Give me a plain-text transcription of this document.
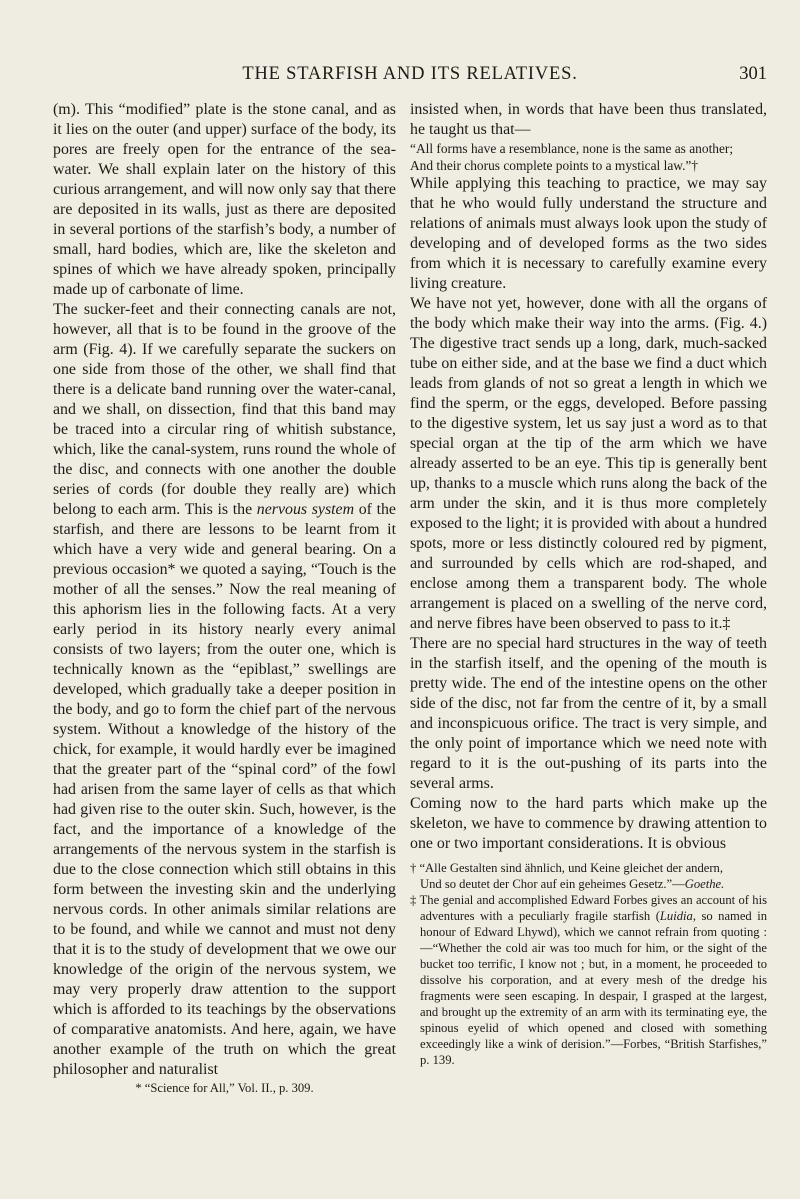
THE STARFISH AND ITS RELATIVES.	301

(m). This “modified” plate is the stone canal, and as it lies on the outer (and upper) surface of the body, its pores are freely open for the entrance of the sea-water. We shall explain later on the history of this curious arrangement, and will now only say that there are deposited in its walls, just as there are deposited in several portions of the starfish’s body, a number of small, hard bodies, which are, like the skeleton and spines of which we have already spoken, principally made up of carbonate of lime.

The sucker-feet and their connecting canals are not, however, all that is to be found in the groove of the arm (Fig. 4). If we carefully separate the suckers on one side from those of the other, we shall find that there is a delicate band running over the water-canal, and we shall, on dissection, find that this band may be traced into a circular ring of whitish substance, which, like the canal-system, runs round the whole of the disc, and connects with one another the double series of cords (for double they really are) which belong to each arm. This is the nervous system of the starfish, and there are lessons to be learnt from it which have a very wide and general bearing. On a previous occasion* we quoted a saying, “Touch is the mother of all the senses.” Now the real meaning of this aphorism lies in the following facts. At a very early period in its history nearly every animal consists of two layers; from the outer one, which is technically known as the “epiblast,” swellings are developed, which gradually take a deeper position in the body, and go to form the chief part of the nervous system. Without a knowledge of the history of the chick, for example, it would hardly ever be imagined that the greater part of the “spinal cord” of the fowl had arisen from the same layer of cells as that which had given rise to the outer skin. Such, however, is the fact, and the importance of a knowledge of the arrangements of the nervous system in the starfish is due to the close connection which still obtains in this form between the investing skin and the underlying nervous cords. In other animals similar relations are to be found, and while we cannot and must not deny that it is to the study of development that we owe our knowledge of the origin of the nervous system, we may very properly draw attention to the support which is afforded to its teachings by the observations of comparative anatomists. And here, again, we have another example of the truth on which the great philosopher and naturalist

* “Science for All,” Vol. II., p. 309.

insisted when, in words that have been thus translated, he taught us that—

“All forms have a resemblance, none is the same as another;

And their chorus complete points to a mystical law.”†

While applying this teaching to practice, we may say that he who would fully understand the structure and relations of animals must always look upon the study of developing and of developed forms as the two sides from which it is necessary to carefully examine every living creature.

We have not yet, however, done with all the organs of the body which make their way into the arms. (Fig. 4.) The digestive tract sends up a long, dark, much-sacked tube on either side, and at the base we find a duct which leads from glands of not so great a length in which we find the sperm, or the eggs, developed. Before passing to the digestive system, let us say just a word as to that special organ at the tip of the arm which we have already asserted to be an eye. This tip is generally bent up, thanks to a muscle which runs along the back of the arm under the skin, and it is thus more completely exposed to the light; it is provided with about a hundred spots, more or less distinctly coloured red by pigment, and surrounded by cells which are rod-shaped, and enclose among them a transparent body. The whole arrangement is placed on a swelling of the nerve cord, and nerve fibres have been observed to pass to it.‡

There are no special hard structures in the way of teeth in the starfish itself, and the opening of the mouth is pretty wide. The end of the intestine opens on the other side of the disc, not far from the centre of it, by a small and inconspicuous orifice. The tract is very simple, and the only point of importance which we need note with regard to it is the out-pushing of its parts into the several arms.

Coming now to the hard parts which make up the skeleton, we have to commence by drawing attention to one or two important considerations. It is obvious

† “Alle Gestalten sind ähnlich, und Keine gleichet der andern,
Und so deutet der Chor auf ein geheimes Gesetz.”—Goethe.

‡ The genial and accomplished Edward Forbes gives an account of his adventures with a peculiarly fragile starfish (Luidia, so named in honour of Edward Lhywd), which we cannot refrain from quoting :—“Whether the cold air was too much for him, or the sight of the bucket too terrific, I know not ; but, in a moment, he proceeded to dissolve his corporation, and at every mesh of the dredge his fragments were seen escaping. In despair, I grasped at the largest, and brought up the extremity of an arm with its terminating eye, the spinous eyelid of which opened and closed with something exceedingly like a wink of derision.”—Forbes, “British Starfishes,” p. 139.
